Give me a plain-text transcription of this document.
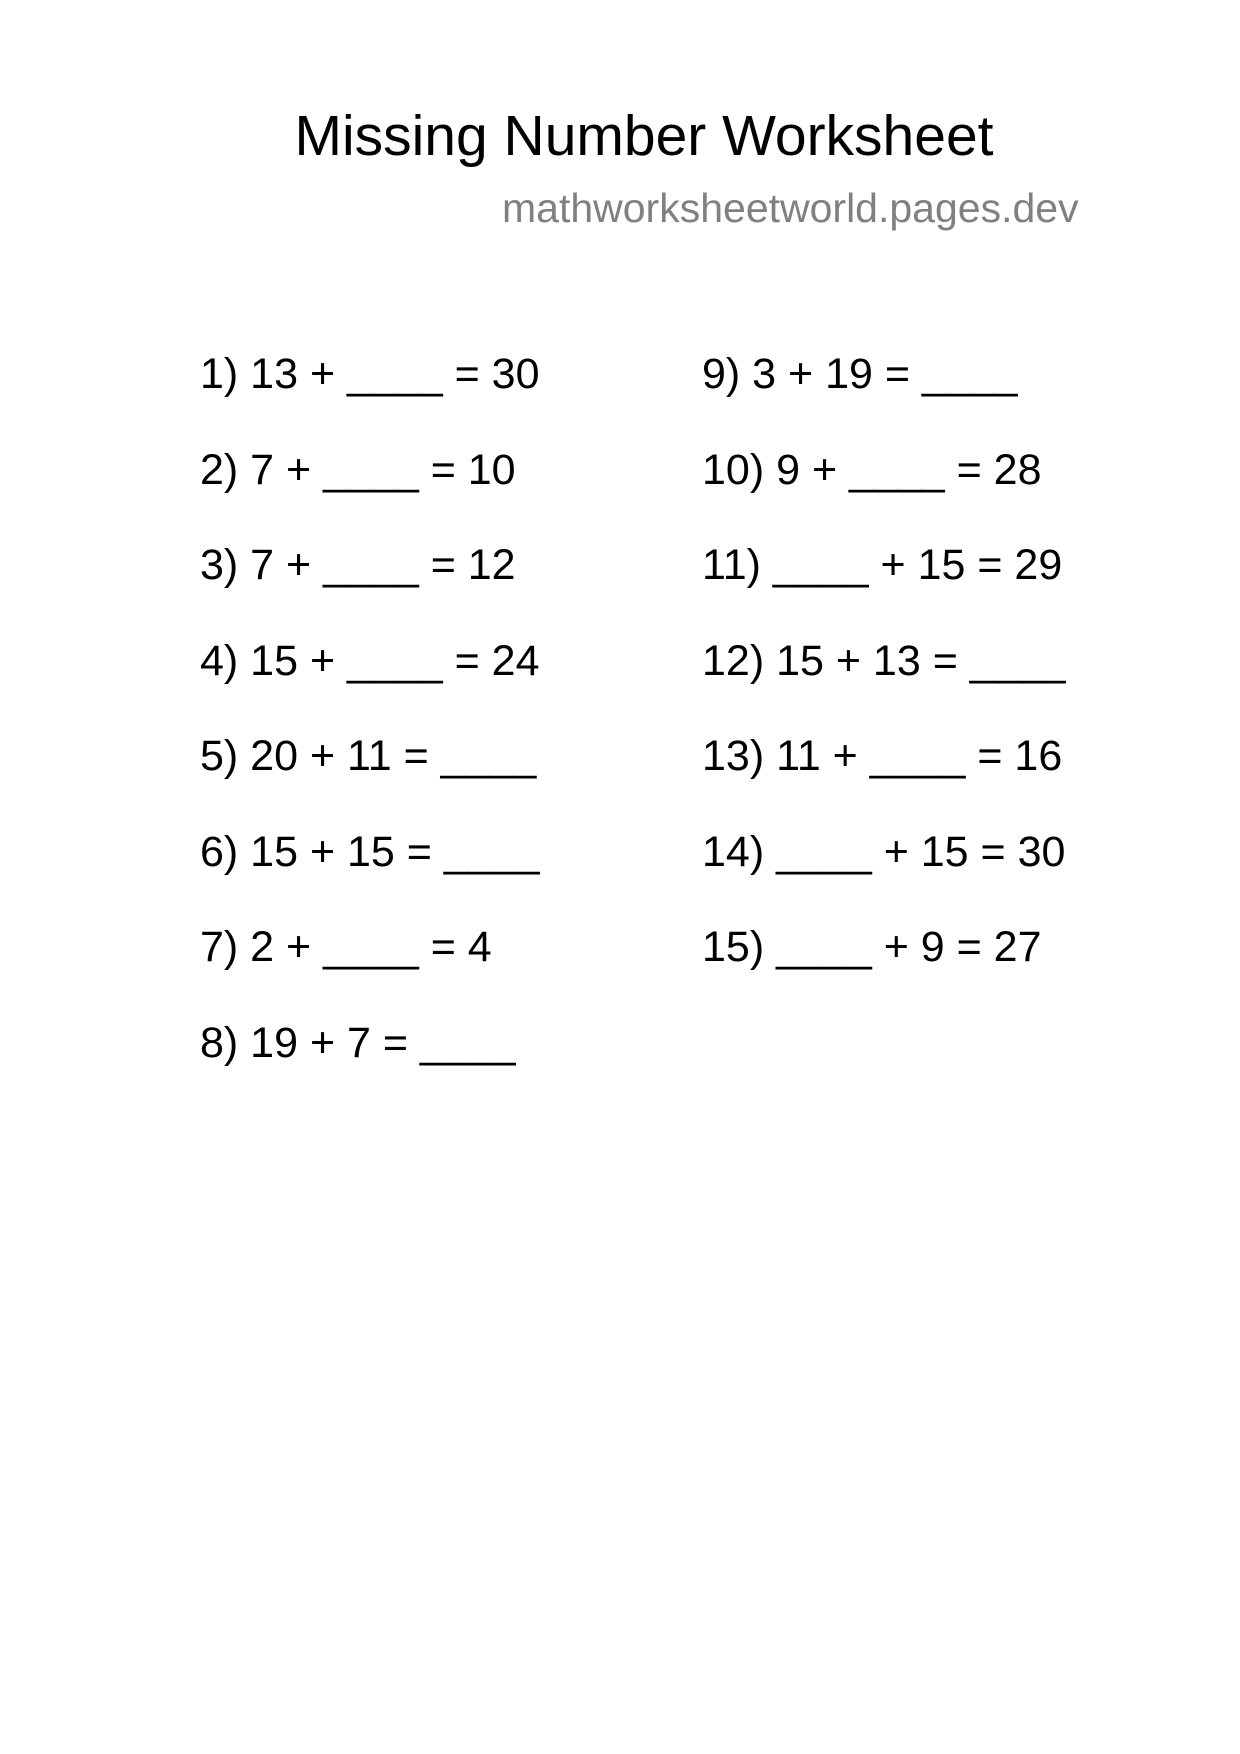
Missing Number Worksheet
mathworksheetworld.pages.dev
1) 13 + ____ = 30
2) 7 + ____ = 10
3) 7 + ____ = 12
4) 15 + ____ = 24
5) 20 + 11 = ____
6) 15 + 15 = ____
7) 2 + ____ = 4
8) 19 + 7 = ____
9) 3 + 19 = ____
10) 9 + ____ = 28
11) ____ + 15 = 29
12) 15 + 13 = ____
13) 11 + ____ = 16
14) ____ + 15 = 30
15) ____ + 9 = 27
